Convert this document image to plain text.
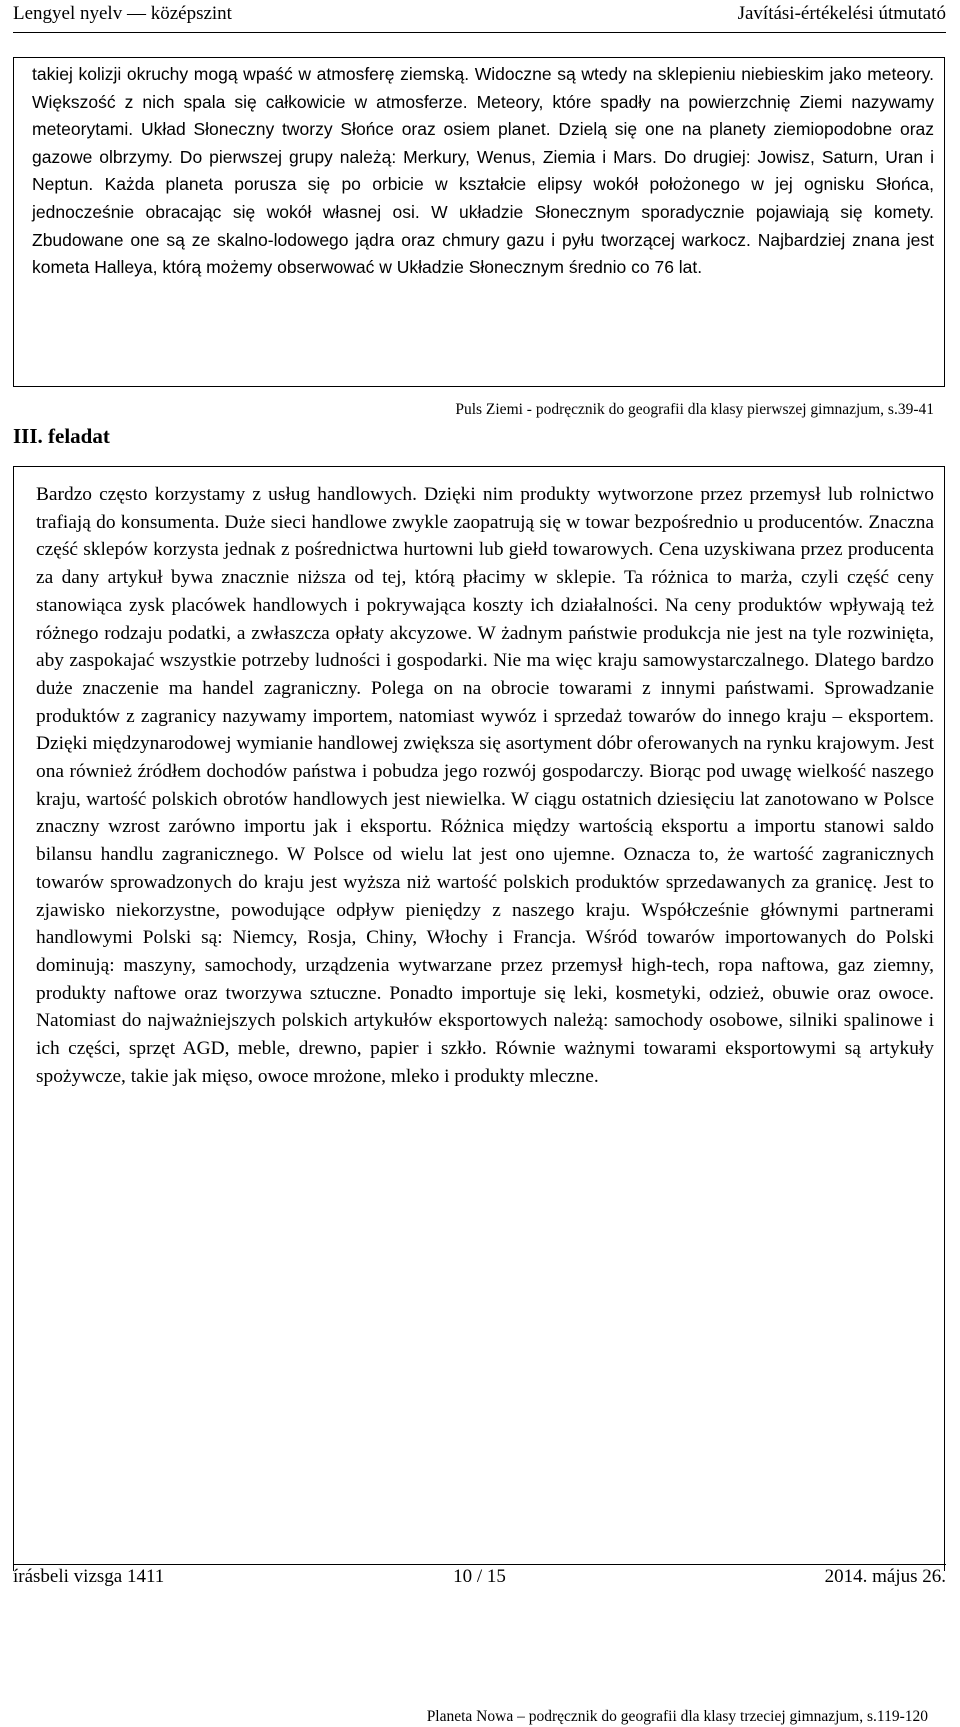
Lengyel nyelv — középszint	Javítási-értékelési útmutató
takiej kolizji okruchy mogą wpaść w atmosferę ziemską. Widoczne są wtedy na sklepieniu niebieskim jako meteory. Większość z nich spala się całkowicie w atmosferze. Meteory, które spadły na powierzchnię Ziemi nazywamy meteorytami. Układ Słoneczny tworzy Słońce oraz osiem planet. Dzielą się one na planety ziemiopodobne oraz gazowe olbrzymy. Do pierwszej grupy należą: Merkury, Wenus, Ziemia i Mars. Do drugiej: Jowisz, Saturn, Uran i Neptun. Każda planeta porusza się po orbicie w kształcie elipsy wokół położonego w jej ognisku Słońca, jednocześnie obracając się wokół własnej osi. W układzie Słonecznym sporadycznie pojawiają się komety. Zbudowane one są ze skalno-lodowego jądra oraz chmury gazu i pyłu tworzącej warkocz. Najbardziej znana jest kometa Halleya, którą możemy obserwować w Układzie Słonecznym średnio co 76 lat.
Puls Ziemi - podręcznik do geografii dla klasy pierwszej gimnazjum, s.39-41
III. feladat
Bardzo często korzystamy z usług handlowych. Dzięki nim produkty wytworzone przez przemysł lub rolnictwo trafiają do konsumenta. Duże sieci handlowe zwykle zaopatrują się w towar bezpośrednio u producentów. Znaczna część sklepów korzysta jednak z pośrednictwa hurtowni lub giełd towarowych. Cena uzyskiwana przez producenta za dany artykuł bywa znacznie niższa od tej, którą płacimy w sklepie. Ta różnica to marża, czyli część ceny stanowiąca zysk placówek handlowych i pokrywająca koszty ich działalności. Na ceny produktów wpływają też różnego rodzaju podatki, a zwłaszcza opłaty akcyzowe. W żadnym państwie produkcja nie jest na tyle rozwinięta, aby zaspokajać wszystkie potrzeby ludności i gospodarki. Nie ma więc kraju samowystarczalnego. Dlatego bardzo duże znaczenie ma handel zagraniczny. Polega on na obrocie towarami z innymi państwami. Sprowadzanie produktów z zagranicy nazywamy importem, natomiast wywóz i sprzedaż towarów do innego kraju – eksportem. Dzięki międzynarodowej wymianie handlowej zwiększa się asortyment dóbr oferowanych na rynku krajowym. Jest ona również źródłem dochodów państwa i pobudza jego rozwój gospodarczy. Biorąc pod uwagę wielkość naszego kraju, wartość polskich obrotów handlowych jest niewielka. W ciągu ostatnich dziesięciu lat zanotowano w Polsce znaczny wzrost zarówno importu jak i eksportu. Różnica między wartością eksportu a importu stanowi saldo bilansu handlu zagranicznego. W Polsce od wielu lat jest ono ujemne. Oznacza to, że wartość zagranicznych towarów sprowadzonych do kraju jest wyższa niż wartość polskich produktów sprzedawanych za granicę. Jest to zjawisko niekorzystne, powodujące odpływ pieniędzy z naszego kraju. Współcześnie głównymi partnerami handlowymi Polski są: Niemcy, Rosja, Chiny, Włochy i Francja. Wśród towarów importowanych do Polski dominują: maszyny, samochody, urządzenia wytwarzane przez przemysł high-tech, ropa naftowa, gaz ziemny, produkty naftowe oraz tworzywa sztuczne. Ponadto importuje się leki, kosmetyki, odzież, obuwie oraz owoce. Natomiast do najważniejszych polskich artykułów eksportowych należą: samochody osobowe, silniki spalinowe i ich części, sprzęt AGD, meble, drewno, papier i szkło. Równie ważnymi towarami eksportowymi są artykuły spożywcze, takie jak mięso, owoce mrożone, mleko i produkty mleczne.
Planeta Nowa – podręcznik do geografii dla klasy trzeciej gimnazjum, s.119-120
írásbeli vizsga 1411	10 / 15	2014. május 26.
